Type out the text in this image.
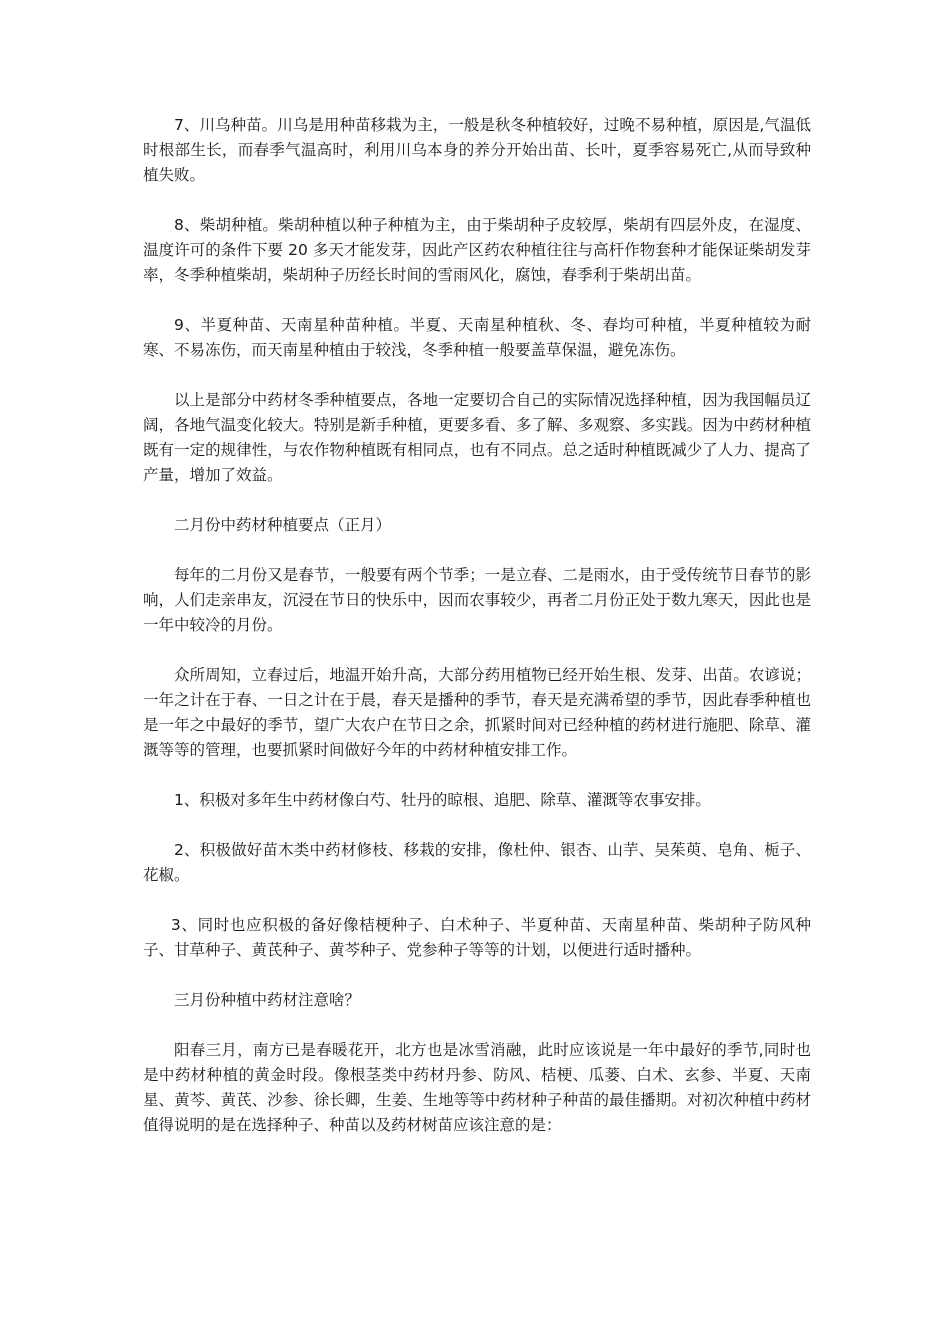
7、川乌种苗。川乌是用种苗移栽为主，一般是秋冬种植较好，过晚不易种植，原因是,气温低时根部生长，而春季气温高时，利用川乌本身的养分开始出苗、长叶，夏季容易死亡,从而导致种植失败。

8、柴胡种植。柴胡种植以种子种植为主，由于柴胡种子皮较厚，柴胡有四层外皮，在湿度、温度许可的条件下要 20 多天才能发芽，因此产区药农种植往往与高杆作物套种才能保证柴胡发芽率，冬季种植柴胡，柴胡种子历经长时间的雪雨风化，腐蚀，春季利于柴胡出苗。

9、半夏种苗、天南星种苗种植。半夏、天南星种植秋、冬、春均可种植，半夏种植较为耐寒、不易冻伤，而天南星种植由于较浅，冬季种植一般要盖草保温，避免冻伤。

以上是部分中药材冬季种植要点，各地一定要切合自己的实际情况选择种植，因为我国幅员辽阔，各地气温变化较大。特别是新手种植，更要多看、多了解、多观察、多实践。因为中药材种植既有一定的规律性，与农作物种植既有相同点，也有不同点。总之适时种植既减少了人力、提高了产量，增加了效益。

二月份中药材种植要点（正月）

每年的二月份又是春节，一般要有两个节季；一是立春、二是雨水，由于受传统节日春节的影响，人们走亲串友，沉浸在节日的快乐中，因而农事较少，再者二月份正处于数九寒天，因此也是一年中较冷的月份。

众所周知，立春过后，地温开始升高，大部分药用植物已经开始生根、发芽、出苗。农谚说；一年之计在于春、一日之计在于晨，春天是播种的季节，春天是充满希望的季节，因此春季种植也是一年之中最好的季节，望广大农户在节日之余，抓紧时间对已经种植的药材进行施肥、除草、灌溉等等的管理，也要抓紧时间做好今年的中药材种植安排工作。

1、积极对多年生中药材像白芍、牡丹的晾根、追肥、除草、灌溉等农事安排。

2、积极做好苗木类中药材修枝、移栽的安排，像杜仲、银杏、山芋、吴茱萸、皂角、栀子、花椒。

3、同时也应积极的备好像桔梗种子、白术种子、半夏种苗、天南星种苗、柴胡种子防风种子、甘草种子、黄芪种子、黄芩种子、党参种子等等的计划，以便进行适时播种。

三月份种植中药材注意啥？

阳春三月，南方已是春暖花开，北方也是冰雪消融，此时应该说是一年中最好的季节,同时也是中药材种植的黄金时段。像根茎类中药材丹参、防风、桔梗、瓜蒌、白术、玄参、半夏、天南星、黄芩、黄芪、沙参、徐长卿，生姜、生地等等中药材种子种苗的最佳播期。对初次种植中药材值得说明的是在选择种子、种苗以及药材树苗应该注意的是：
